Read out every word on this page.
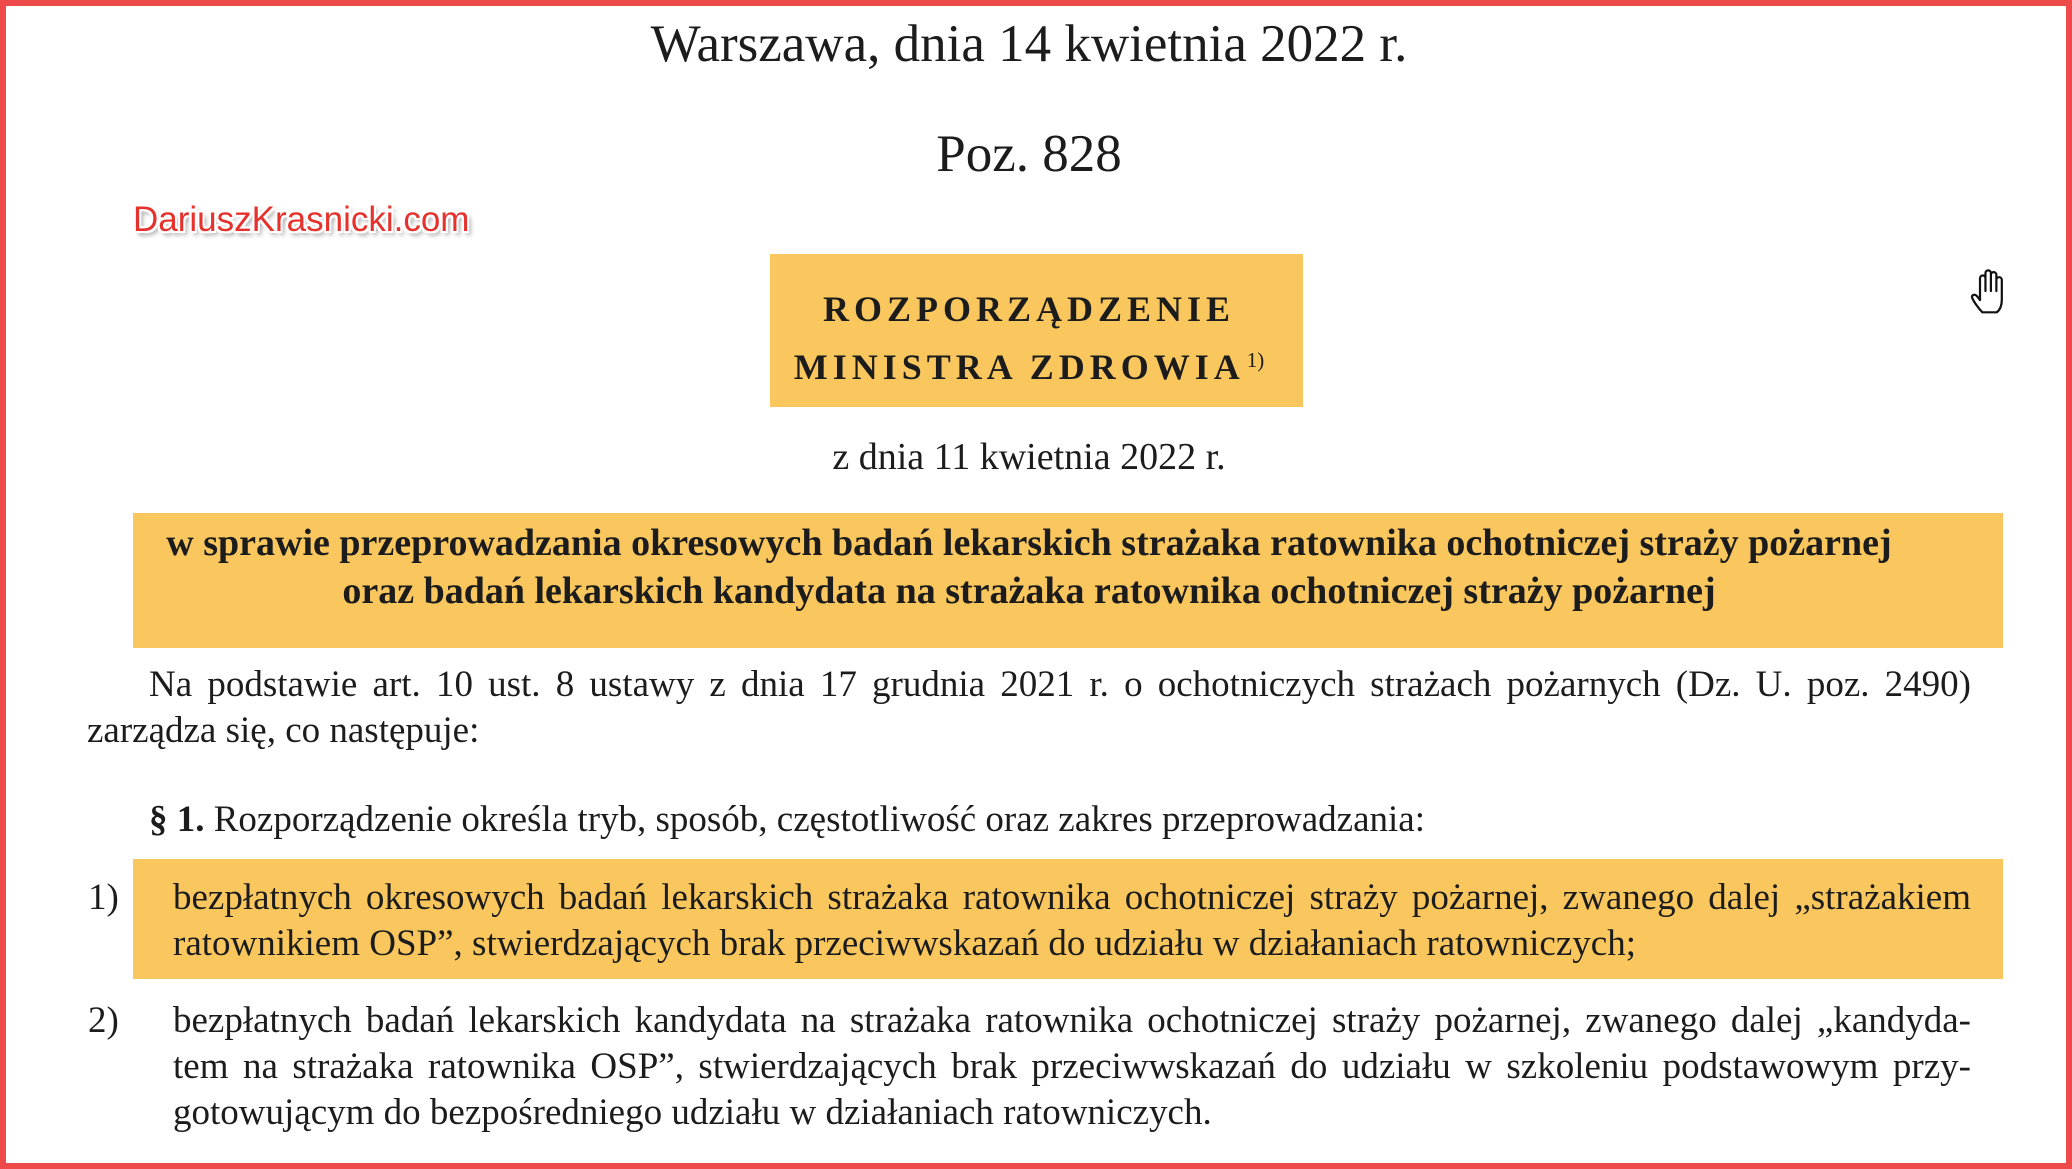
Warszawa, dnia 14 kwietnia 2022 r.
Poz. 828
DariuszKrasnicki.com
ROZPORZĄDZENIE
MINISTRA ZDROWIA$^{1)}$
z dnia 11 kwietnia 2022 r.
w sprawie przeprowadzania okresowych badań lekarskich strażaka ratownika ochotniczej straży pożarnej
oraz badań lekarskich kandydata na strażaka ratownika ochotniczej straży pożarnej
Na podstawie art. 10 ust. 8 ustawy z dnia 17 grudnia 2021 r. o ochotniczych strażach pożarnych (Dz. U. poz. 2490)
zarządza się, co następuje:
§ 1. Rozporządzenie określa tryb, sposób, częstotliwość oraz zakres przeprowadzania:
1) bezpłatnych okresowych badań lekarskich strażaka ratownika ochotniczej straży pożarnej, zwanego dalej „strażakiem
ratownikiem OSP”, stwierdzających brak przeciwwskazań do udziału w działaniach ratowniczych;
2) bezpłatnych badań lekarskich kandydata na strażaka ratownika ochotniczej straży pożarnej, zwanego dalej „kandyda-
tem na strażaka ratownika OSP”, stwierdzających brak przeciwwskazań do udziału w szkoleniu podstawowym przy-
gotowującym do bezpośredniego udziału w działaniach ratowniczych.
